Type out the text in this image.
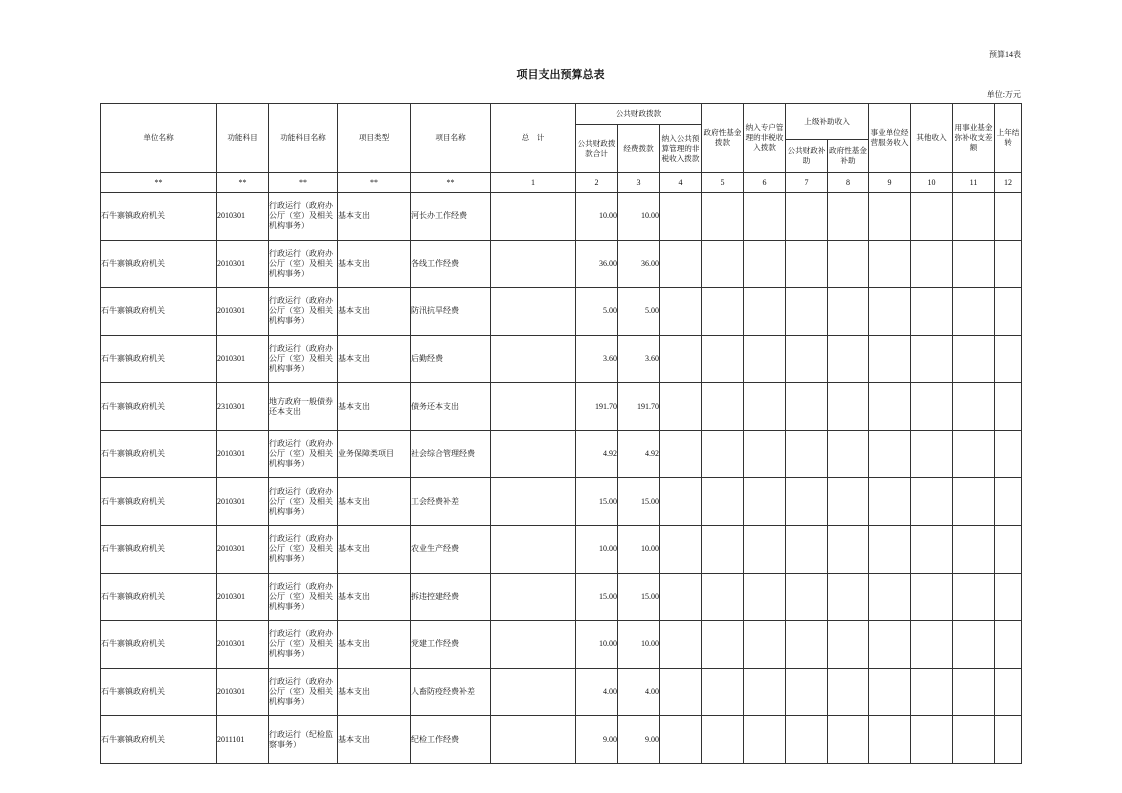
预算14表
项目支出预算总表
单位:万元
单位名称	功能科目	功能科目名称	项目类型	项目名称	总　计	公共财政拨款			政府性基金拨款	纳入专户管理的非税收入拨款	上级补助收入		事业单位经营服务收入	其他收入	用事业基金弥补收支差额	上年结转
						公共财政拨款合计	经费拨款	纳入公共预算管理的非税收入拨款								
											公共财政补助	政府性基金补助				
**	**	**	**	**	1	2	3	4	5	6	7	8	9	10	11	12
石牛寨镇政府机关	2010301	行政运行（政府办公厅（室）及相关机构事务）	基本支出	河长办工作经费		10.00	10.00									
石牛寨镇政府机关	2010301	行政运行（政府办公厅（室）及相关机构事务）	基本支出	各线工作经费		36.00	36.00									
石牛寨镇政府机关	2010301	行政运行（政府办公厅（室）及相关机构事务）	基本支出	防汛抗旱经费		5.00	5.00									
石牛寨镇政府机关	2010301	行政运行（政府办公厅（室）及相关机构事务）	基本支出	后勤经费		3.60	3.60									
石牛寨镇政府机关	2310301	地方政府一般债券还本支出	基本支出	债务还本支出		191.70	191.70									
石牛寨镇政府机关	2010301	行政运行（政府办公厅（室）及相关机构事务）	业务保障类项目	社会综合管理经费		4.92	4.92									
石牛寨镇政府机关	2010301	行政运行（政府办公厅（室）及相关机构事务）	基本支出	工会经费补差		15.00	15.00									
石牛寨镇政府机关	2010301	行政运行（政府办公厅（室）及相关机构事务）	基本支出	农业生产经费		10.00	10.00									
石牛寨镇政府机关	2010301	行政运行（政府办公厅（室）及相关机构事务）	基本支出	拆违控建经费		15.00	15.00									
石牛寨镇政府机关	2010301	行政运行（政府办公厅（室）及相关机构事务）	基本支出	党建工作经费		10.00	10.00									
石牛寨镇政府机关	2010301	行政运行（政府办公厅（室）及相关机构事务）	基本支出	人畜防疫经费补差		4.00	4.00									
石牛寨镇政府机关	2011101	行政运行（纪检监察事务）	基本支出	纪检工作经费		9.00	9.00									
